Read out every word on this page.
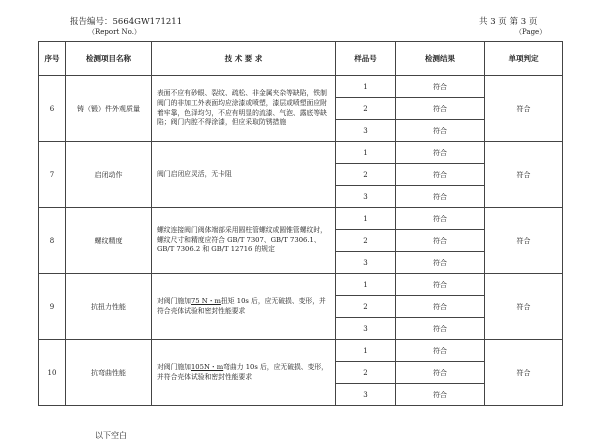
报告编号：5664GW171211
（Report No.）
共 3 页 第 3 页
（Page）
序号	检测项目名称	技 术 要 求	样品号	检测结果	单项判定
6	铸（锻）件外观质量	表面不应有砂眼、裂纹、疏松、非金属夹杂等缺陷，铁制阀门的非加工外表面均应涂漆或喷塑，漆层或喷塑面应附着牢靠，色泽均匀，不应有明显的流漆、气泡、露底等缺陷；阀门内腔不得涂漆，但应采取防锈措施	1	符合	符合
			2	符合	
			3	符合	
7	启闭动作	阀门启闭应灵活，无卡阻	1	符合	符合
			2	符合	
			3	符合	
8	螺纹精度	螺纹连接阀门阀体端部采用圆柱管螺纹或圆锥管螺纹时，螺纹尺寸和精度应符合 GB/T 7307、GB/T 7306.1、GB/T 7306.2 和 GB/T 12716 的规定	1	符合	符合
			2	符合	
			3	符合	
9	抗扭力性能	对阀门施加75 N・m扭矩 10s 后，应无破损、变形，并符合壳体试验和密封性能要求	1	符合	符合
			2	符合	
			3	符合	
10	抗弯曲性能	对阀门施加105N・m弯曲力 10s 后，应无破损、变形，并符合壳体试验和密封性能要求	1	符合	符合
			2	符合	
			3	符合	
以下空白
